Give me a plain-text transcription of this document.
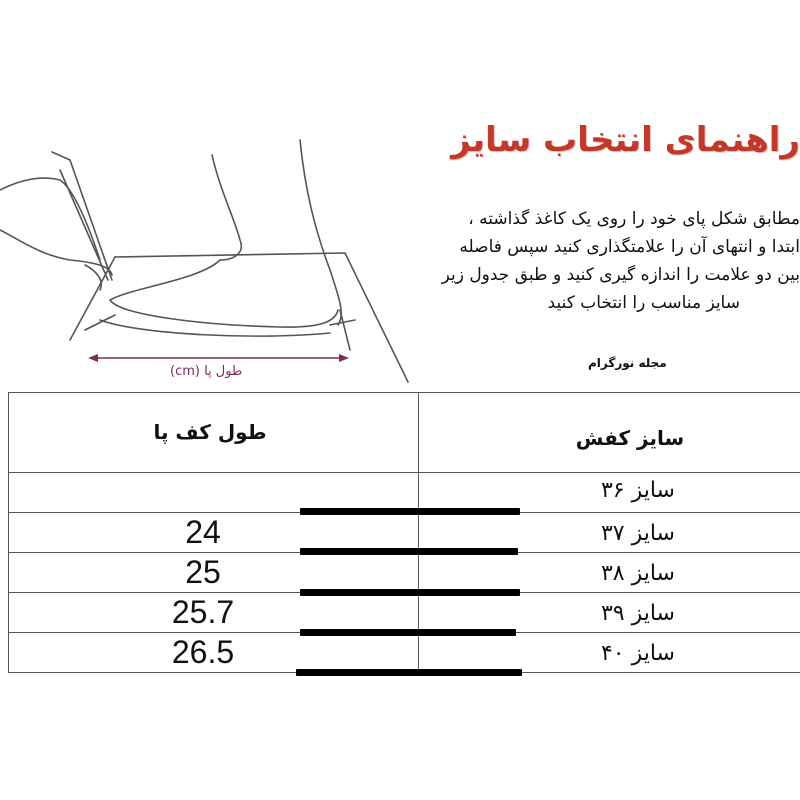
طول پا (cm)
راهنمای انتخاب سایز
مطابق شکل پای خود را روی یک کاغذ گذاشته ،
ابتدا و انتهای آن را علامتگذاری کنید سپس فاصله
بین دو علامت را اندازه گیری کنید و طبق جدول زیر
سایز مناسب را انتخاب کنید
مجله نورگرام
طول کف پا	سایز کفش
سایز ۳۶
سایز ۳۷
سایز ۳۸
سایز ۳۹
سایز ۴۰
24
25
25.7
26.5
